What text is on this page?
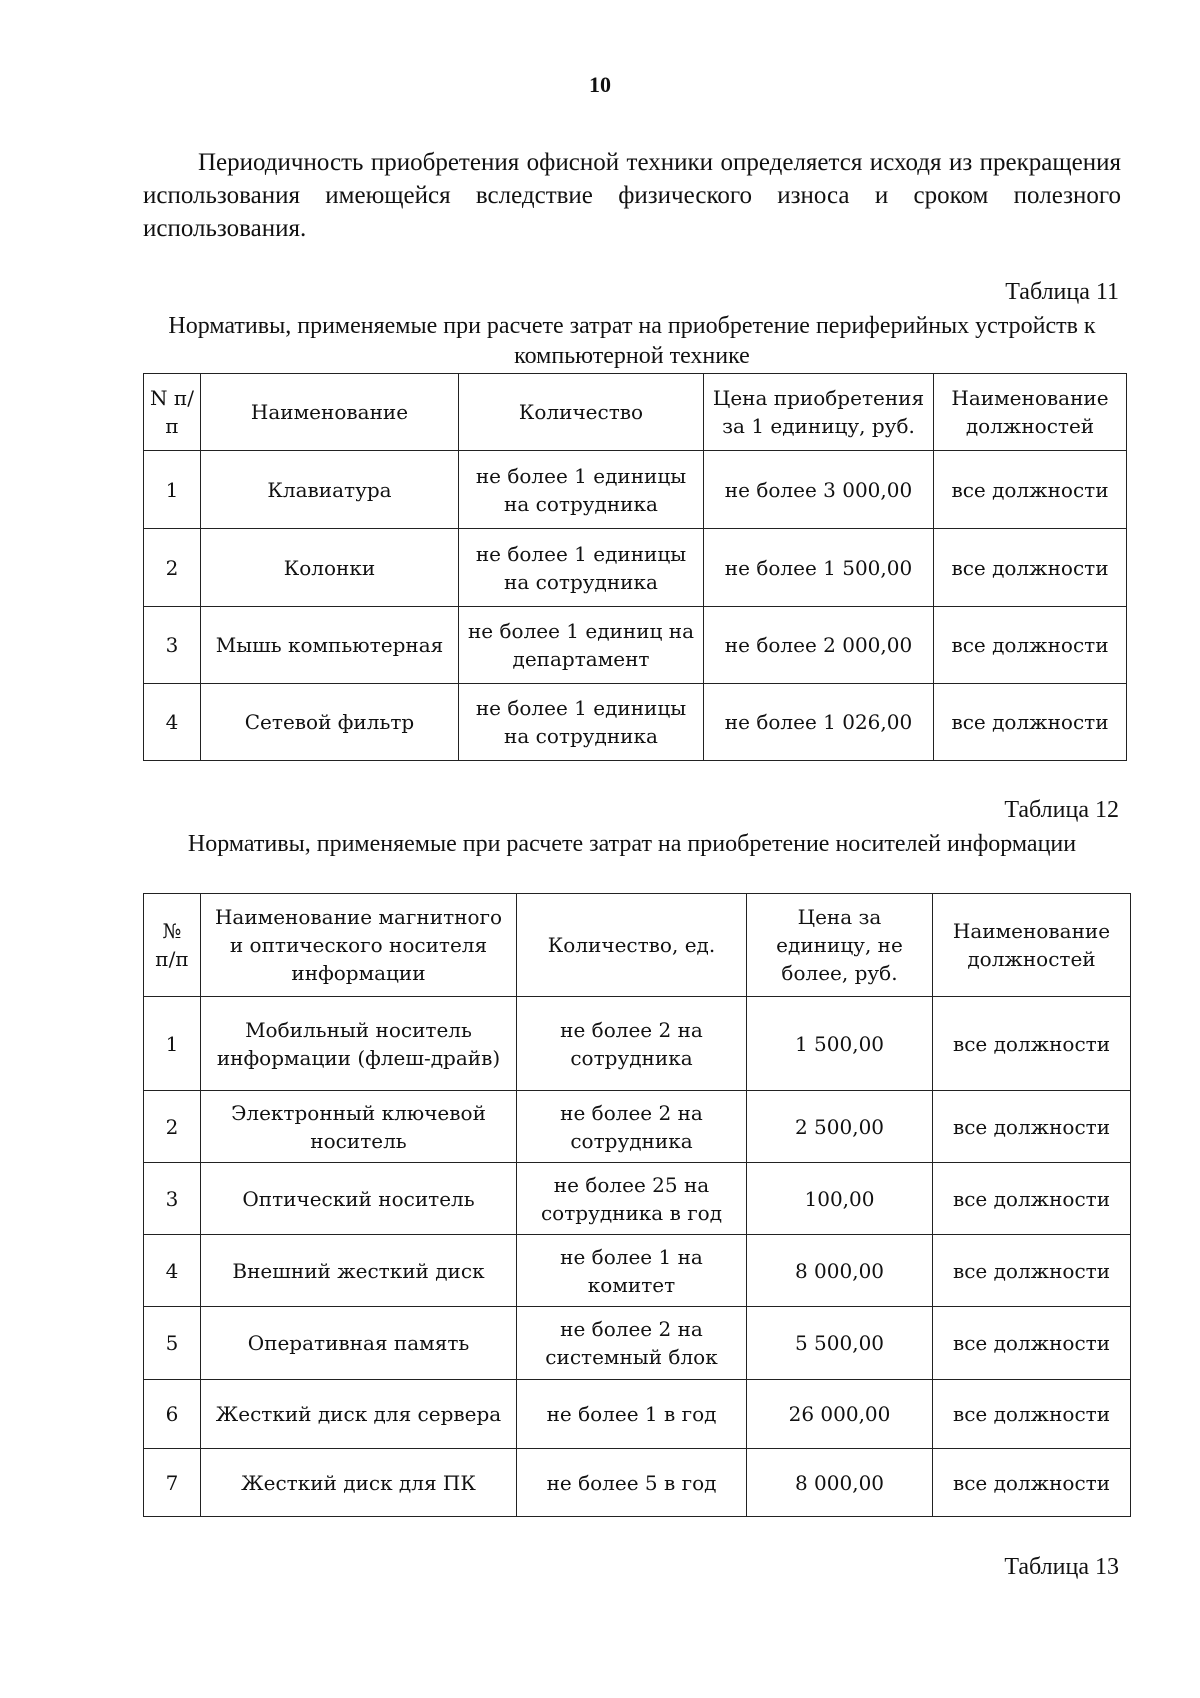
10

Периодичность приобретения офисной техники определяется исходя из прекращения использования имеющейся вследствие физического износа и сроком полезного использования.

Таблица 11

Нормативы, применяемые при расчете затрат на приобретение периферийных устройств к компьютерной технике

N п/п	Наименование	Количество	Цена приобретения за 1 единицу, руб.	Наименование должностей
1	Клавиатура	не более 1 единицы на сотрудника	не более 3 000,00	все должности
2	Колонки	не более 1 единицы на сотрудника	не более 1 500,00	все должности
3	Мышь компьютерная	не более 1 единиц на департамент	не более 2 000,00	все должности
4	Сетевой фильтр	не более 1 единицы на сотрудника	не более 1 026,00	все должности
Таблица 12

Нормативы, применяемые при расчете затрат на приобретение носителей информации

№ п/п	Наименование магнитного и оптического носителя информации	Количество, ед.	Цена за единицу, не более, руб.	Наименование должностей
1	Мобильный носитель информации (флеш-драйв)	не более 2 на сотрудника	1 500,00	все должности
2	Электронный ключевой носитель	не более 2 на сотрудника	2 500,00	все должности
3	Оптический носитель	не более 25 на сотрудника в год	100,00	все должности
4	Внешний жесткий диск	не более 1 на комитет	8 000,00	все должности
5	Оперативная память	не более 2 на системный блок	5 500,00	все должности
6	Жесткий диск для сервера	не более 1 в год	26 000,00	все должности
7	Жесткий диск для ПК	не более 5 в год	8 000,00	все должности
Таблица 13
